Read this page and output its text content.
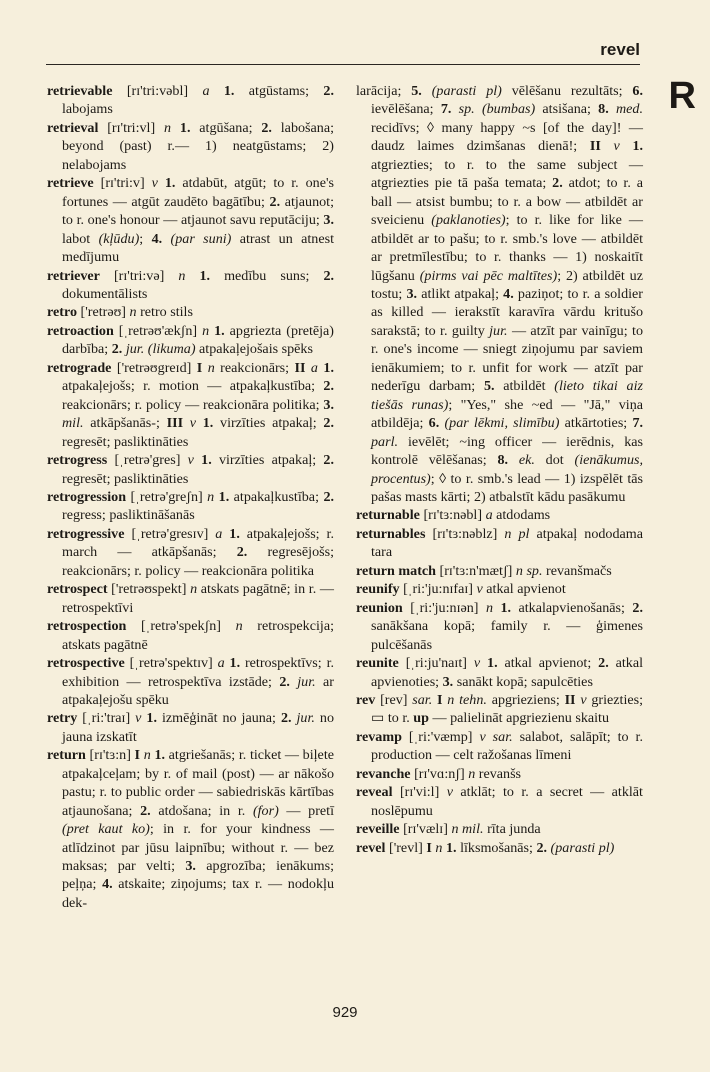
revel
R

retrievable [rɪ'tri:vəbl] a 1. atgūstams; 2. labojams

retrieval [rɪ'tri:vl] n 1. atgūšana; 2. labošana; beyond (past) r.— 1) neatgūstams; 2) nelabojams

retrieve [rɪ'tri:v] v 1. atdabūt, atgūt; to r. one's fortunes — atgūt zaudēto bagātību; 2. atjaunot; to r. one's honour — atjaunot savu reputāciju; 3. labot (kļūdu); 4. (par suni) atrast un atnest medījumu

retriever [rɪ'tri:və] n 1. medību suns; 2. dokumentālists

retro ['retrəʊ] n retro stils

retroaction [ˌretrəʊ'ækʃn] n 1. apgriezta (pretēja) darbība; 2. jur. (likuma) atpakaļejošais spēks

retrograde ['retrəʊgreɪd] I n reakcionārs; II a 1. atpakaļejošs; r. motion — atpakaļkustība; 2. reakcionārs; r. policy — reakcionāra politika; 3. mil. atkāpšanās-; III v 1. virzīties atpakaļ; 2. regresēt; pasliktināties

retrogress [ˌretrə'gres] v 1. virzīties atpakaļ; 2. regresēt; pasliktināties

retrogression [ˌretrə'greʃn] n 1. atpakaļkustība; 2. regress; pasliktināšanās

retrogressive [ˌretrə'gresɪv] a 1. atpakaļejošs; r. march — atkāpšanās; 2. regresējošs; reakcionārs; r. policy — reakcionāra politika

retrospect ['retrəʊspekt] n atskats pagātnē; in r. — retrospektīvi

retrospection [ˌretrə'spekʃn] n retrospekcija; atskats pagātnē

retrospective [ˌretrə'spektɪv] a 1. retrospektīvs; r. exhibition — retrospektīva izstāde; 2. jur. ar atpakaļejošu spēku

retry [ˌri:'traɪ] v 1. izmēģināt no jauna; 2. jur. no jauna izskatīt

return [rɪ'tɜ:n] I n 1. atgriešanās; r. ticket — biļete atpakaļceļam; by r. of mail (post) — ar nākošo pastu; r. to public order — sabiedriskās kārtības atjaunošana; 2. atdošana; in r. (for) — pretī (pret kaut ko); in r. for your kindness — atlīdzinot par jūsu laipnību; without r. — bez maksas; par velti; 3. apgrozība; ienākums; peļņa; 4. atskaite; ziņojums; tax r. — nodokļu dek-

larācija; 5. (parasti pl) vēlēšanu rezultāts; 6. ievēlēšana; 7. sp. (bumbas) atsišana; 8. med. recidīvs; ◊ many happy ~s [of the day]! — daudz laimes dzimšanas dienā!; II v 1. atgriezties; to r. to the same subject — atgriezties pie tā paša temata; 2. atdot; to r. a ball — atsist bumbu; to r. a bow — atbildēt ar sveicienu (paklanoties); to r. like for like — atbildēt ar to pašu; to r. smb.'s love — atbildēt ar pretmīlestību; to r. thanks — 1) noskaitīt lūgšanu (pirms vai pēc maltītes); 2) atbildēt uz tostu; 3. atlikt atpakaļ; 4. paziņot; to r. a soldier as killed — ierakstīt karavīra vārdu kritušo sarakstā; to r. guilty jur. — atzīt par vainīgu; to r. one's income — sniegt ziņojumu par saviem ienākumiem; to r. unfit for work — atzīt par nederīgu darbam; 5. atbildēt (lieto tikai aiz tiešās runas); "Yes," she ~ed — "Jā," viņa atbildēja; 6. (par lēkmi, slimību) atkārtoties; 7. parl. ievēlēt; ~ing officer — ierēdnis, kas kontrolē vēlēšanas; 8. ek. dot (ienākumus, procentus); ◊ to r. smb.'s lead — 1) izspēlēt tās pašas masts kārti; 2) atbalstīt kādu pasākumu

returnable [rɪ'tɜ:nəbl] a atdodams

returnables [rɪ'tɜ:nəblz] n pl atpakaļ nododama tara

return match [rɪ'tɜ:n'mætʃ] n sp. revanšmačs

reunify [ˌri:'ju:nɪfaɪ] v atkal apvienot

reunion [ˌri:'ju:nɪən] n 1. atkalapvienošanās; 2. sanākšana kopā; family r. — ģimenes pulcēšanās

reunite [ˌri:ju'naɪt] v 1. atkal apvienot; 2. atkal apvienoties; 3. sanākt kopā; sapulcēties

rev [rev] sar. I n tehn. apgrieziens; II v griezties; ▭ to r. up — palielināt apgriezienu skaitu

revamp [ˌri:'væmp] v sar. salabot, salāpīt; to r. production — celt ražošanas līmeni

revanche [rɪ'vɑ:nʃ] n revanšs

reveal [rɪ'vi:l] v atklāt; to r. a secret — atklāt noslēpumu

reveille [rɪ'vælɪ] n mil. rīta junda

revel ['revl] I n 1. līksmošanās; 2. (parasti pl)

929
